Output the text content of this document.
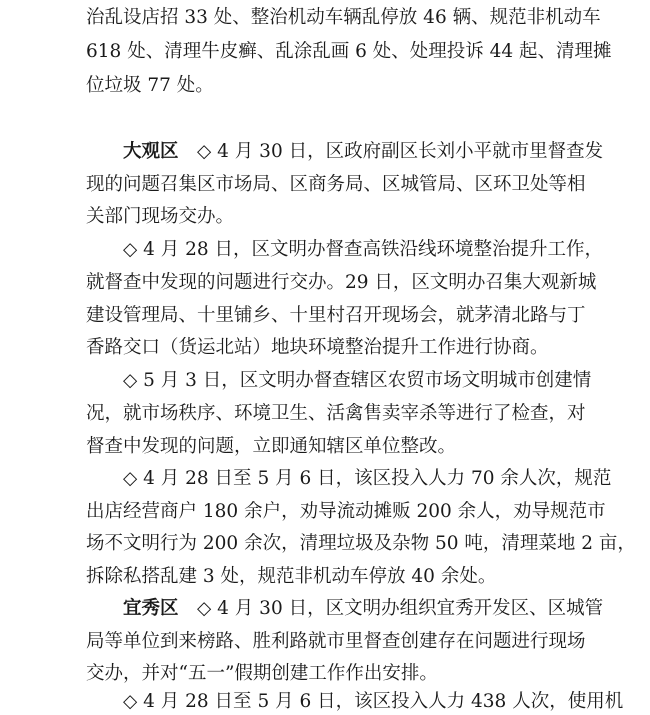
治乱设店招 33 处、整治机动车辆乱停放 46 辆、规范非机动车
618 处、清理牛皮癣、乱涂乱画 6 处、处理投诉 44 起、清理摊
位垃圾 77 处。
大观区　 ◇ 4 月 30 日，区政府副区长刘小平就市里督查发
现的问题召集区市场局、区商务局、区城管局、区环卫处等相
关部门现场交办。
◇ 4 月 28 日，区文明办督查高铁沿线环境整治提升工作，
就督查中发现的问题进行交办。29 日，区文明办召集大观新城
建设管理局、十里铺乡、十里村召开现场会，就茅清北路与丁
香路交口（货运北站）地块环境整治提升工作进行协商。
◇ 5 月 3 日，区文明办督查辖区农贸市场文明城市创建情
况，就市场秩序、环境卫生、活禽售卖宰杀等进行了检查，对
督查中发现的问题，立即通知辖区单位整改。
◇ 4 月 28 日至 5 月 6 日，该区投入人力 70 余人次，规范
出店经营商户 180 余户，劝导流动摊贩 200 余人，劝导规范市
场不文明行为 200 余次，清理垃圾及杂物 50 吨，清理菜地 2 亩，
拆除私搭乱建 3 处，规范非机动车停放 40 余处。
宜秀区　 ◇ 4 月 30 日，区文明办组织宜秀开发区、区城管
局等单位到来榜路、胜利路就市里督查创建存在问题进行现场
交办，并对“五一”假期创建工作作出安排。
◇ 4 月 28 日至 5 月 6 日，该区投入人力 438 人次，使用机
